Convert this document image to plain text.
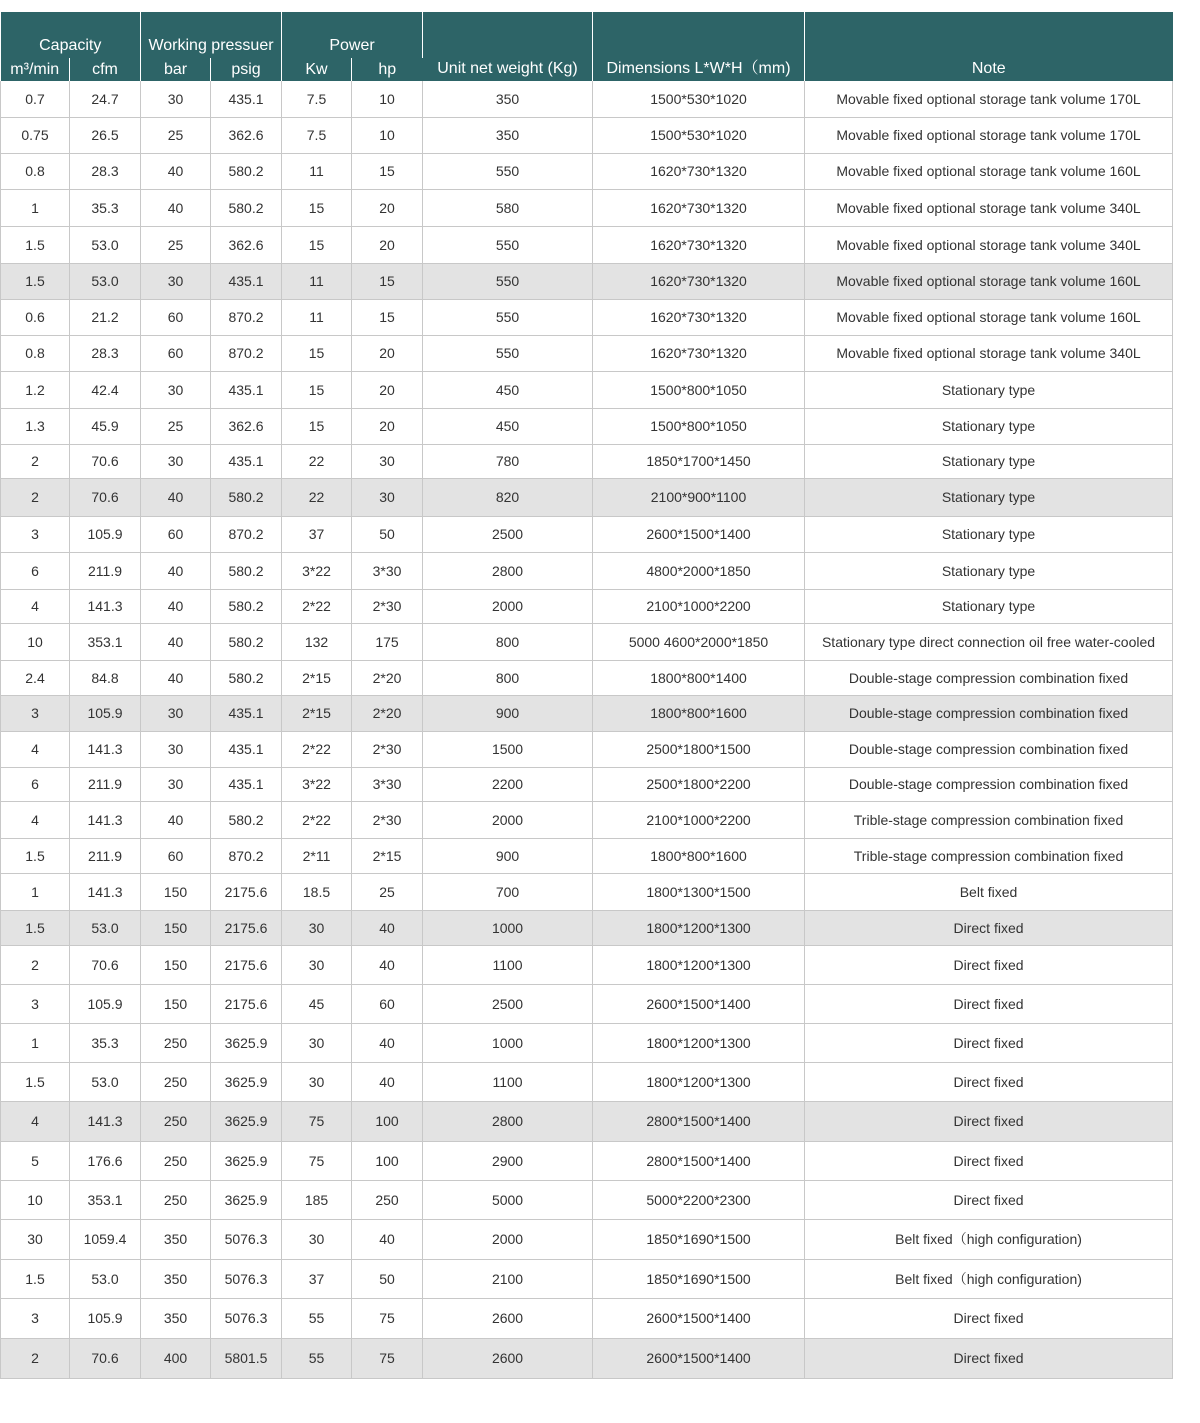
Capacity		Working pressuer		Power		Unit net weight (Kg)	Dimensions L*W*H（mm)	Note
m³/min	cfm	bar	psig	Kw	hp			
0.7	24.7	30	435.1	7.5	10	350	1500*530*1020	Movable fixed optional storage tank volume 170L
0.75	26.5	25	362.6	7.5	10	350	1500*530*1020	Movable fixed optional storage tank volume 170L
0.8	28.3	40	580.2	11	15	550	1620*730*1320	Movable fixed optional storage tank volume 160L
1	35.3	40	580.2	15	20	580	1620*730*1320	Movable fixed optional storage tank volume 340L
1.5	53.0	25	362.6	15	20	550	1620*730*1320	Movable fixed optional storage tank volume 340L
1.5	53.0	30	435.1	11	15	550	1620*730*1320	Movable fixed optional storage tank volume 160L
0.6	21.2	60	870.2	11	15	550	1620*730*1320	Movable fixed optional storage tank volume 160L
0.8	28.3	60	870.2	15	20	550	1620*730*1320	Movable fixed optional storage tank volume 340L
1.2	42.4	30	435.1	15	20	450	1500*800*1050	Stationary type
1.3	45.9	25	362.6	15	20	450	1500*800*1050	Stationary type
2	70.6	30	435.1	22	30	780	1850*1700*1450	Stationary type
2	70.6	40	580.2	22	30	820	2100*900*1100	Stationary type
3	105.9	60	870.2	37	50	2500	2600*1500*1400	Stationary type
6	211.9	40	580.2	3*22	3*30	2800	4800*2000*1850	Stationary type
4	141.3	40	580.2	2*22	2*30	2000	2100*1000*2200	Stationary type
10	353.1	40	580.2	132	175	800	5000 4600*2000*1850	Stationary type direct connection oil free water-cooled
2.4	84.8	40	580.2	2*15	2*20	800	1800*800*1400	Double-stage compression combination fixed
3	105.9	30	435.1	2*15	2*20	900	1800*800*1600	Double-stage compression combination fixed
4	141.3	30	435.1	2*22	2*30	1500	2500*1800*1500	Double-stage compression combination fixed
6	211.9	30	435.1	3*22	3*30	2200	2500*1800*2200	Double-stage compression combination fixed
4	141.3	40	580.2	2*22	2*30	2000	2100*1000*2200	Trible-stage compression combination fixed
1.5	211.9	60	870.2	2*11	2*15	900	1800*800*1600	Trible-stage compression combination fixed
1	141.3	150	2175.6	18.5	25	700	1800*1300*1500	Belt fixed
1.5	53.0	150	2175.6	30	40	1000	1800*1200*1300	Direct fixed
2	70.6	150	2175.6	30	40	1100	1800*1200*1300	Direct fixed
3	105.9	150	2175.6	45	60	2500	2600*1500*1400	Direct fixed
1	35.3	250	3625.9	30	40	1000	1800*1200*1300	Direct fixed
1.5	53.0	250	3625.9	30	40	1100	1800*1200*1300	Direct fixed
4	141.3	250	3625.9	75	100	2800	2800*1500*1400	Direct fixed
5	176.6	250	3625.9	75	100	2900	2800*1500*1400	Direct fixed
10	353.1	250	3625.9	185	250	5000	5000*2200*2300	Direct fixed
30	1059.4	350	5076.3	30	40	2000	1850*1690*1500	Belt fixed（high configuration)
1.5	53.0	350	5076.3	37	50	2100	1850*1690*1500	Belt fixed（high configuration)
3	105.9	350	5076.3	55	75	2600	2600*1500*1400	Direct fixed
2	70.6	400	5801.5	55	75	2600	2600*1500*1400	Direct fixed
